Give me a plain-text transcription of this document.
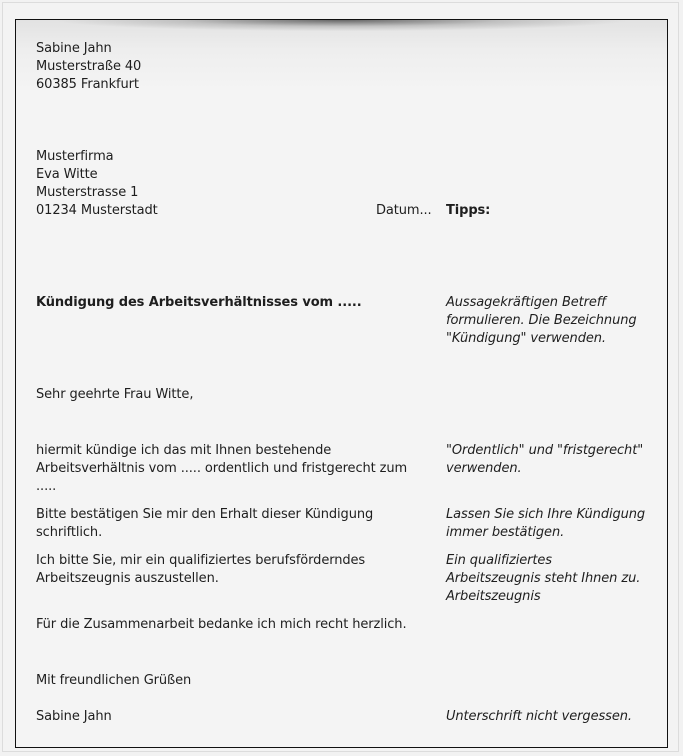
Sabine Jahn
Musterstraße 40
60385 Frankfurt
Musterfirma
Eva Witte
Musterstrasse 1
01234 Musterstadt	Datum... Tipps:
Kündigung des Arbeitsverhältnisses vom .....	Aussagekräftigen Betreff
formulieren. Die Bezeichnung
"Kündigung" verwenden.
Sehr geehrte Frau Witte,
hiermit kündige ich das mit Ihnen bestehende
Arbeitsverhältnis vom ..... ordentlich und fristgerecht zum
.....
"Ordentlich" und "fristgerecht"
verwenden.
Bitte bestätigen Sie mir den Erhalt dieser Kündigung
schriftlich.
Lassen Sie sich Ihre Kündigung
immer bestätigen.
Ich bitte Sie, mir ein qualifiziertes berufsförderndes
Arbeitszeugnis auszustellen.
Ein qualifiziertes
Arbeitszeugnis steht Ihnen zu.
Arbeitszeugnis
Für die Zusammenarbeit bedanke ich mich recht herzlich.
Mit freundlichen Grüßen
Sabine Jahn	Unterschrift nicht vergessen.
